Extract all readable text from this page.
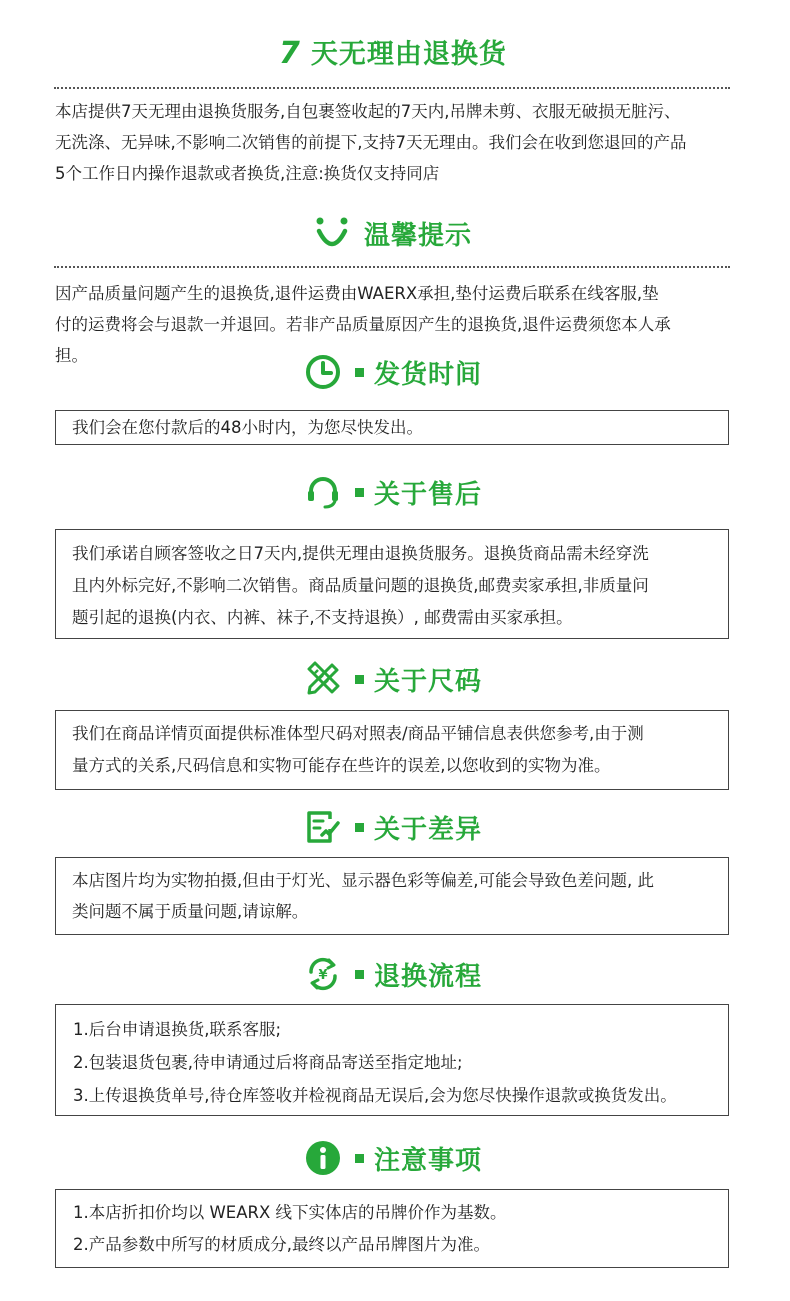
7 天无理由退换货
本店提供7天无理由退换货服务,自包裹签收起的7天内,吊牌未剪、衣服无破损无脏污、
无洗涤、无异味,不影响二次销售的前提下,支持7天无理由。我们会在收到您退回的产品
5个工作日内操作退款或者换货,注意:换货仅支持同店
温馨提示
因产品质量问题产生的退换货,退件运费由WAERX承担,垫付运费后联系在线客服,垫
付的运费将会与退款一并退回。若非产品质量原因产生的退换货,退件运费须您本人承
担。
发货时间
我们会在您付款后的48小时内，为您尽快发出。
关于售后
我们承诺自顾客签收之日7天内,提供无理由退换货服务。退换货商品需未经穿洗
且内外标完好,不影响二次销售。商品质量问题的退换货,邮费卖家承担,非质量问
题引起的退换(内衣、内裤、袜子,不支持退换）, 邮费需由买家承担。
关于尺码
我们在商品详情页面提供标准体型尺码对照表/商品平铺信息表供您参考,由于测
量方式的关系,尺码信息和实物可能存在些许的误差,以您收到的实物为准。
关于差异
本店图片均为实物拍摄,但由于灯光、显示器色彩等偏差,可能会导致色差问题, 此
类问题不属于质量问题,请谅解。
¥ 退换流程
1.后台申请退换货,联系客服;
2.包装退货包裹,待申请通过后将商品寄送至指定地址;
3.上传退换货单号,待仓库签收并检视商品无误后,会为您尽快操作退款或换货发出。
注意事项
1.本店折扣价均以 WEARX 线下实体店的吊牌价作为基数。
2.产品参数中所写的材质成分,最终以产品吊牌图片为准。
